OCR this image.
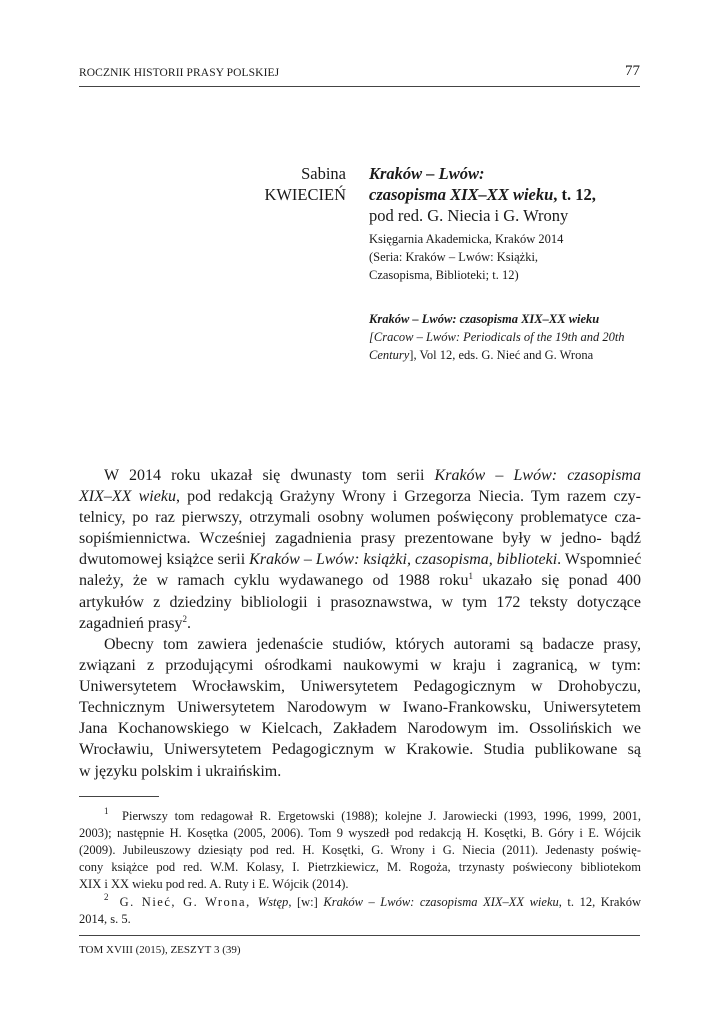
ROCZNIK HISTORII PRASY POLSKIEJ	77
Sabina
KWIECIEŃ
Kraków – Lwów:
czasopisma XIX–XX wieku, t. 12,
pod red. G. Niecia i G. Wrony
Księgarnia Akademicka, Kraków 2014
(Seria: Kraków – Lwów: Książki,
Czasopisma, Biblioteki; t. 12)
Kraków – Lwów: czasopisma XIX–XX wieku
[Cracow – Lwów: Periodicals of the 19th and 20th
Century], Vol 12, eds. G. Nieć and G. Wrona
W 2014 roku ukazał się dwunasty tom serii Kraków – Lwów: czasopisma
XIX–XX wieku, pod redakcją Grażyny Wrony i Grzegorza Niecia. Tym razem czy-
telnicy, po raz pierwszy, otrzymali osobny wolumen poświęcony problematyce cza-
sopiśmiennictwa. Wcześniej zagadnienia prasy prezentowane były w jedno- bądź
dwutomowej książce serii Kraków – Lwów: książki, czasopisma, biblioteki. Wspomnieć
należy, że w ramach cyklu wydawanego od 1988 roku$^1$ ukazało się ponad 400
artykułów z dziedziny bibliologii i prasoznawstwa, w tym 172 teksty dotyczące
zagadnień prasy$^2$.
Obecny tom zawiera jedenaście studiów, których autorami są badacze prasy,
związani z przodującymi ośrodkami naukowymi w kraju i zagranicą, w tym:
Uniwersytetem Wrocławskim, Uniwersytetem Pedagogicznym w Drohobyczu,
Technicznym Uniwersytetem Narodowym w Iwano-Frankowsku, Uniwersytetem
Jana Kochanowskiego w Kielcach, Zakładem Narodowym im. Ossolińskich we
Wrocławiu, Uniwersytetem Pedagogicznym w Krakowie. Studia publikowane są
w języku polskim i ukraińskim.
$^1$ Pierwszy tom redagował R. Ergetowski (1988); kolejne J. Jarowiecki (1993, 1996, 1999, 2001,
2003); następnie H. Kosętka (2005, 2006). Tom 9 wyszedł pod redakcją H. Kosętki, B. Góry i E. Wójcik
(2009). Jubileuszowy dziesiąty pod red. H. Kosętki, G. Wrony i G. Niecia (2011). Jedenasty poświę-
cony książce pod red. W.M. Kolasy, I. Pietrzkiewicz, M. Rogoża, trzynasty poświecony bibliotekom
XIX i XX wieku pod red. A. Ruty i E. Wójcik (2014).
$^2$ G. Nieć, G. Wrona, Wstęp, [w:] Kraków – Lwów: czasopisma XIX–XX wieku, t. 12, Kraków
2014, s. 5.
TOM XVIII (2015), ZESZYT 3 (39)
